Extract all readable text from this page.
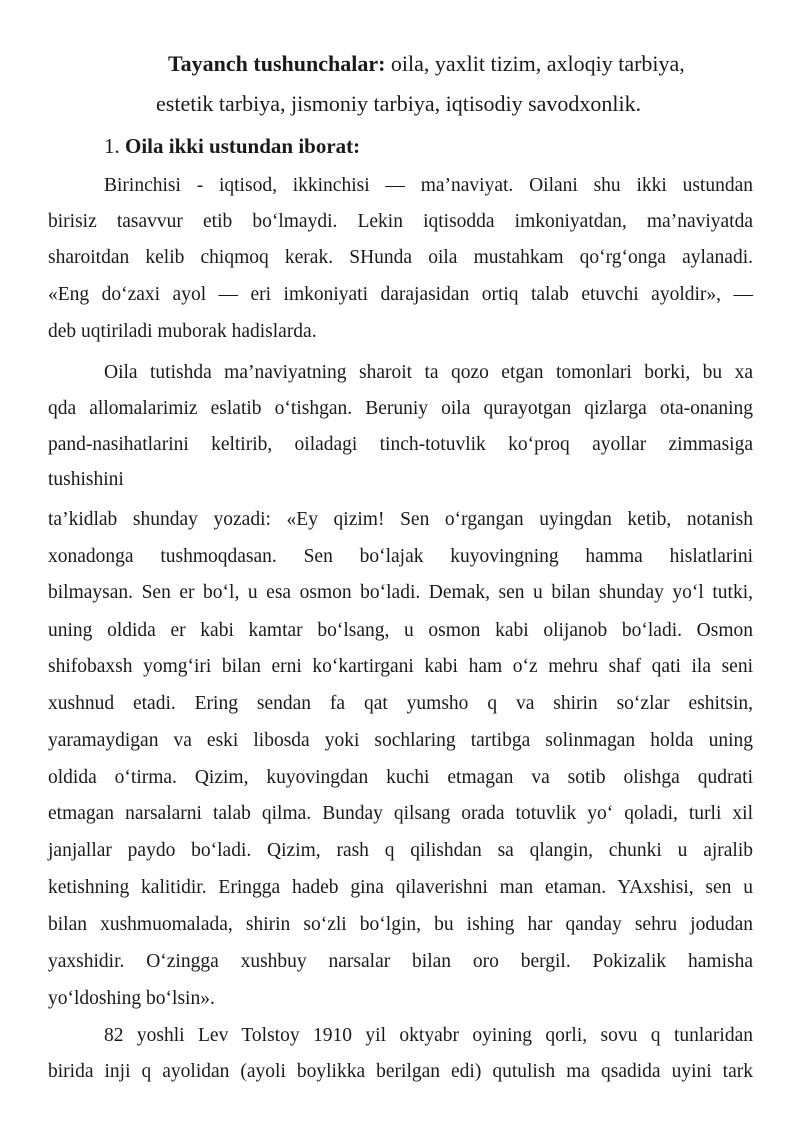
Tayanch tushunchalar: oila, yaxlit tizim, axloqiy tarbiya,
estetik tarbiya, jismoniy tarbiya, iqtisodiy savodxonlik.
1. Oila ikki ustundan iborat:
Birinchisi - iqtisod, ikkinchisi — ma’naviyat. Oilani shu ikki ustundan
birisiz tasavvur etib bo‘lmaydi. Lekin iqtisodda imkoniyatdan, ma’naviyatda
sharoitdan kelib chiqmoq kerak. SHunda oila mustahkam qo‘rg‘onga aylanadi.
«Eng do‘zaxi ayol — eri imkoniyati darajasidan ortiq talab etuvchi ayoldir», —
deb uqtiriladi muborak hadislarda.
Oila tutishda ma’naviyatning sharoit ta qozo etgan tomonlari borki, bu xa
qda allomalarimiz eslatib o‘tishgan. Beruniy oila qurayotgan qizlarga ota-onaning
pand-nasihatlarini keltirib, oiladagi tinch-totuvlik ko‘proq ayollar zimmasiga
tushishini
ta’kidlab shunday yozadi: «Ey qizim! Sen o‘rgangan uyingdan ketib, notanish
xonadonga tushmoqdasan. Sen bo‘lajak kuyovingning hamma hislatlarini
bilmaysan. Sen er bo‘l, u esa osmon bo‘ladi. Demak, sen u bilan shunday yo‘l tutki,
uning oldida er kabi kamtar bo‘lsang, u osmon kabi olijanob bo‘ladi. Osmon
shifobaxsh yomg‘iri bilan erni ko‘kartirgani kabi ham o‘z mehru shaf qati ila seni
xushnud etadi. Ering sendan fa qat yumsho q va shirin so‘zlar eshitsin,
yaramaydigan va eski libosda yoki sochlaring tartibga solinmagan holda uning
oldida o‘tirma. Qizim, kuyovingdan kuchi etmagan va sotib olishga qudrati
etmagan narsalarni talab qilma. Bunday qilsang orada totuvlik yo‘ qoladi, turli xil
janjallar paydo bo‘ladi. Qizim, rash q qilishdan sa qlangin, chunki u ajralib
ketishning kalitidir. Eringga hadeb gina qilaverishni man etaman. YAxshisi, sen u
bilan xushmuomalada, shirin so‘zli bo‘lgin, bu ishing har qanday sehru jodudan
yaxshidir. O‘zingga xushbuy narsalar bilan oro bergil. Pokizalik hamisha
yo‘ldoshing bo‘lsin».
82 yoshli Lev Tolstoy 1910 yil oktyabr oyining qorli, sovu q tunlaridan
birida inji q ayolidan (ayoli boylikka berilgan edi) qutulish ma qsadida uyini tark
